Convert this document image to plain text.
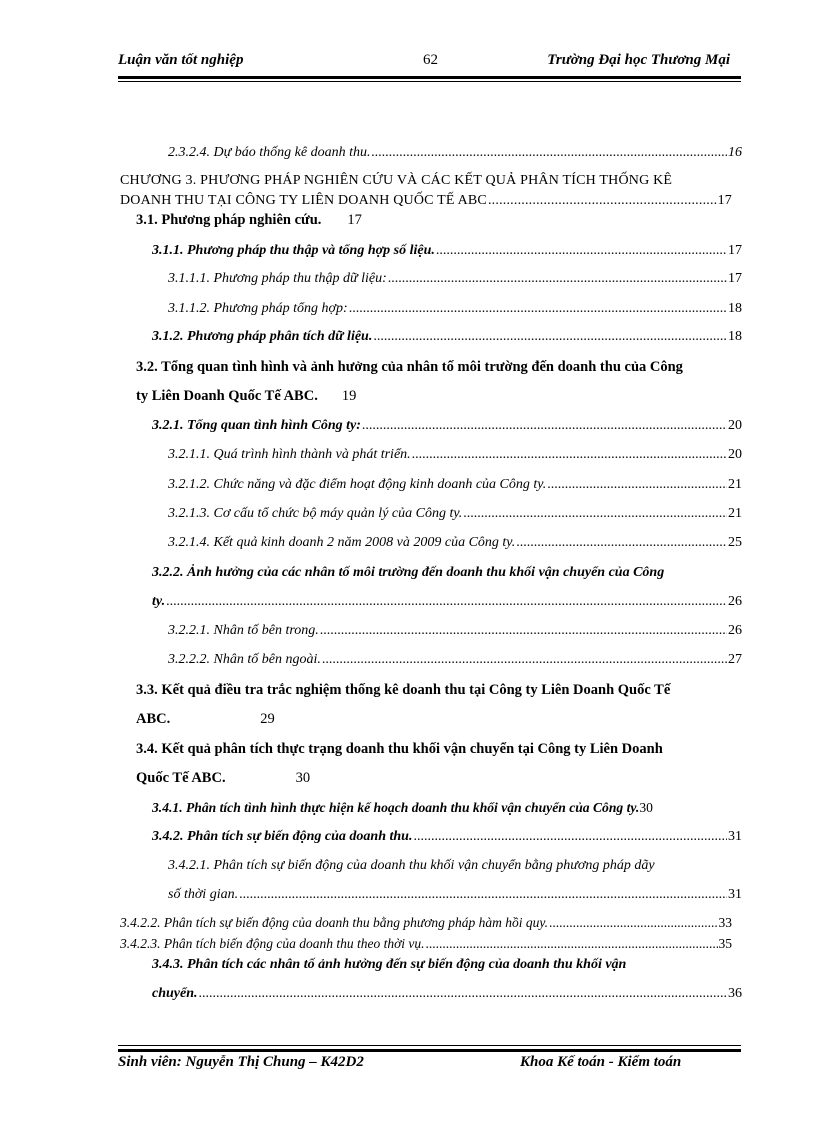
Luận văn tốt nghiệp	62	Trường Đại học Thương Mại
2.3.2.4. Dự báo thống kê doanh thu. .....	16
CHƯƠNG 3. PHƯƠNG PHÁP NGHIÊN CỨU VÀ CÁC KẾT QUẢ PHÂN TÍCH THỐNG KÊ
DOANH THU TẠI CÔNG TY LIÊN DOANH QUỐC TẾ ABC .....	17
3.1. Phương pháp nghiên cứu. 17
3.1.1. Phương pháp thu thập và tổng hợp số liệu. .....	17
3.1.1.1. Phương pháp thu thập dữ liệu: .....	17
3.1.1.2. Phương pháp tổng hợp: .....	18
3.1.2. Phương pháp phân tích dữ liệu. .....	18
3.2. Tổng quan tình hình và ảnh hưởng của nhân tố môi trường đến doanh thu của Công
ty Liên Doanh Quốc Tế ABC. 19
3.2.1. Tổng quan tình hình Công ty: .....	20
3.2.1.1. Quá trình hình thành và phát triển. .....	20
3.2.1.2. Chức năng và đặc điểm hoạt động kinh doanh của Công ty. .....	21
3.2.1.3. Cơ cấu tổ chức bộ máy quản lý của Công ty. .....	21
3.2.1.4. Kết quả kinh doanh 2 năm 2008 và 2009 của Công ty. .....	25
3.2.2. Ảnh hưởng của các nhân tố môi trường đến doanh thu khối vận chuyển của Công
ty. .....	26
3.2.2.1. Nhân tố bên trong. .....	26
3.2.2.2. Nhân tố bên ngoài. .....	27
3.3. Kết quả điều tra trắc nghiệm thống kê doanh thu tại Công ty Liên Doanh Quốc Tế
ABC.	29
3.4. Kết quả phân tích thực trạng doanh thu khối vận chuyển tại Công ty Liên Doanh
Quốc Tế ABC.	30
3.4.1. Phân tích tình hình thực hiện kế hoạch doanh thu khối vận chuyển của Công ty. 30
3.4.2. Phân tích sự biến động của doanh thu. .....	31
3.4.2.1. Phân tích sự biến động của doanh thu khối vận chuyển bằng phương pháp dãy
số thời gian. .....	31
3.4.2.2. Phân tích sự biến động của doanh thu bằng phương pháp hàm hồi quy. .....	33
3.4.2.3. Phân tích biến động của doanh thu theo thời vụ. .....	35
3.4.3. Phân tích các nhân tố ảnh hưởng đến sự biến động của doanh thu khối vận
chuyển. .....	36
Sinh viên: Nguyễn Thị Chung – K42D2	Khoa Kế toán - Kiểm toán
